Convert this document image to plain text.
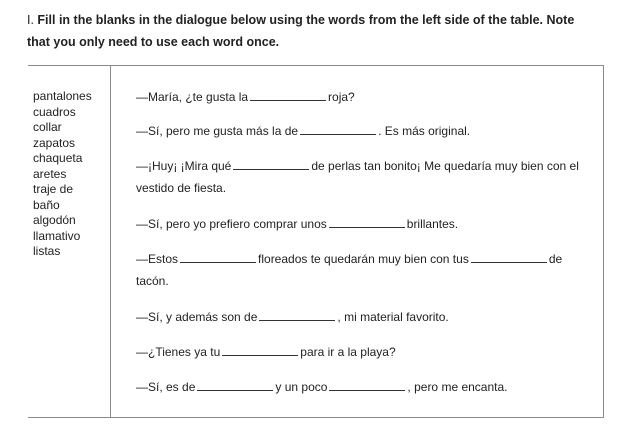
I. Fill in the blanks in the dialogue below using the words from the left side of the table. Note that you only need to use each word once.
pantalones
cuadros
collar
zapatos
chaqueta
aretes
traje de
baño
algodón
llamativo
listas
—María, ¿te gusta la	roja?
—Sí, pero me gusta más la de	. Es más original.
—¡Huy¡ ¡Mira qué	de perlas tan bonito¡ Me quedaría muy bien con el vestido de fiesta.
—Sí, pero yo prefiero comprar unos	brillantes.
—Estos	floreados te quedarán muy bien con tus	de tacón.
—Sí, y además son de	, mi material favorito.
—¿Tienes ya tu	para ir a la playa?
—Sí, es de	y un poco	, pero me encanta.
